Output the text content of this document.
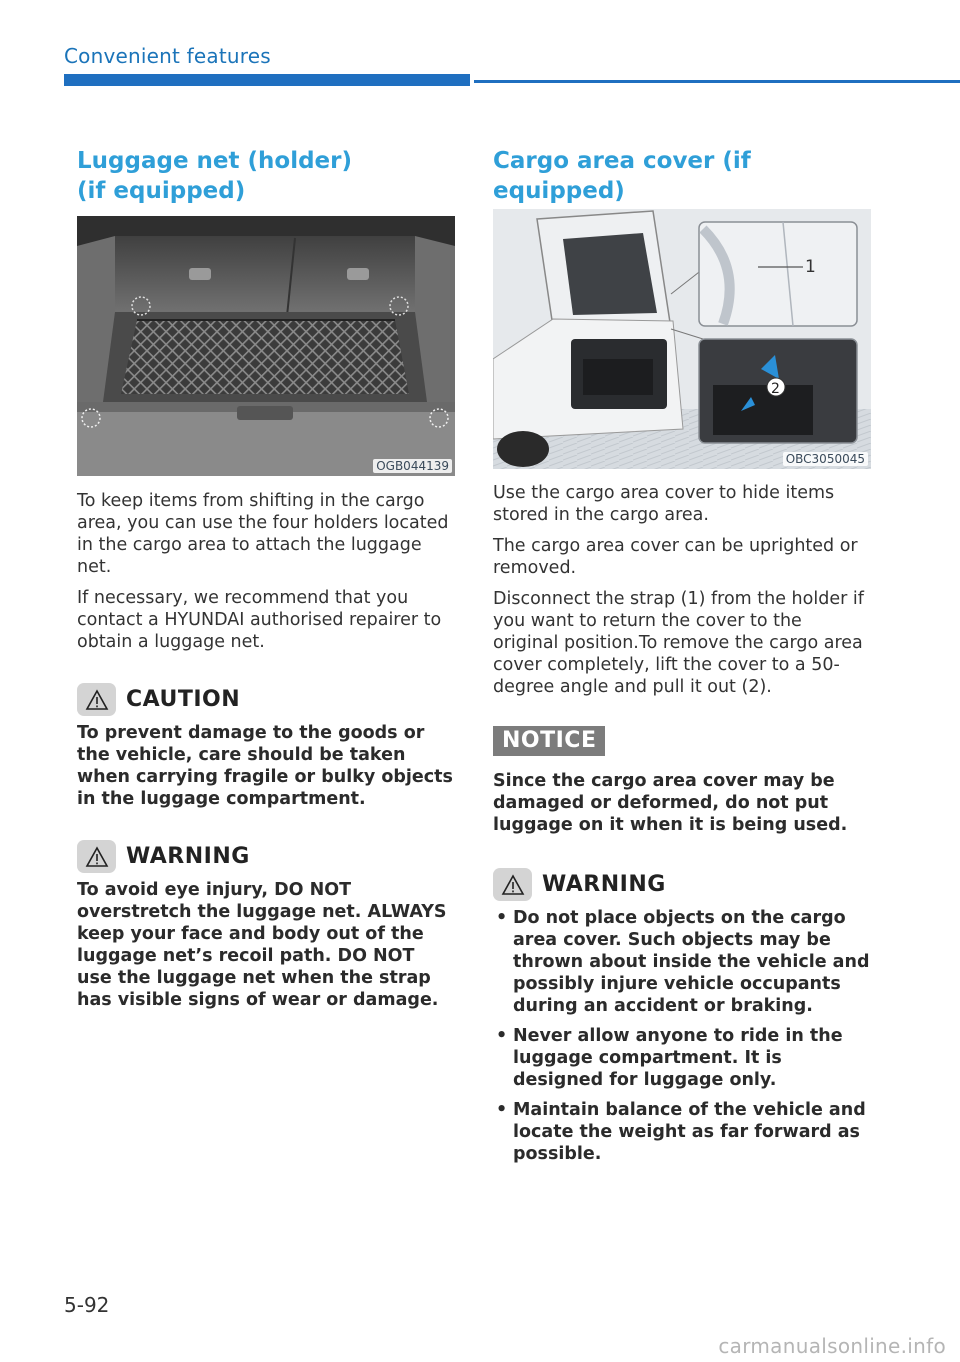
Convenient features
Luggage net (holder)
(if equipped)
OGB044139

To keep items from shifting in the cargo area, you can use the four holders located in the cargo area to attach the luggage net.

If necessary, we recommend that you contact a HYUNDAI authorised repairer to obtain a luggage net.

CAUTION

To prevent damage to the goods or the vehicle, care should be taken when carrying fragile or bulky objects in the luggage compartment.

WARNING

To avoid eye injury, DO NOT overstretch the luggage net. ALWAYS keep your face and body out of the luggage net’s recoil path. DO NOT use the luggage net when the strap has visible signs of wear or damage.

Cargo area cover (if equipped)
1
2
OBC3050045

Use the cargo area cover to hide items stored in the cargo area.

The cargo area cover can be uprighted or removed.

Disconnect the strap (1) from the holder if you want to return the cover to the original position.To remove the cargo area cover completely, lift the cover to a 50-degree angle and pull it out (2).

NOTICE

Since the cargo area cover may be damaged or deformed, do not put luggage on it when it is being used.

WARNING
• Do not place objects on the cargo area cover. Such objects may be thrown about inside the vehicle and possibly injure vehicle occupants during an accident or braking.
• Never allow anyone to ride in the luggage compartment. It is designed for luggage only.
• Maintain balance of the vehicle and locate the weight as far forward as possible.
5-92
carmanualsonline.info
